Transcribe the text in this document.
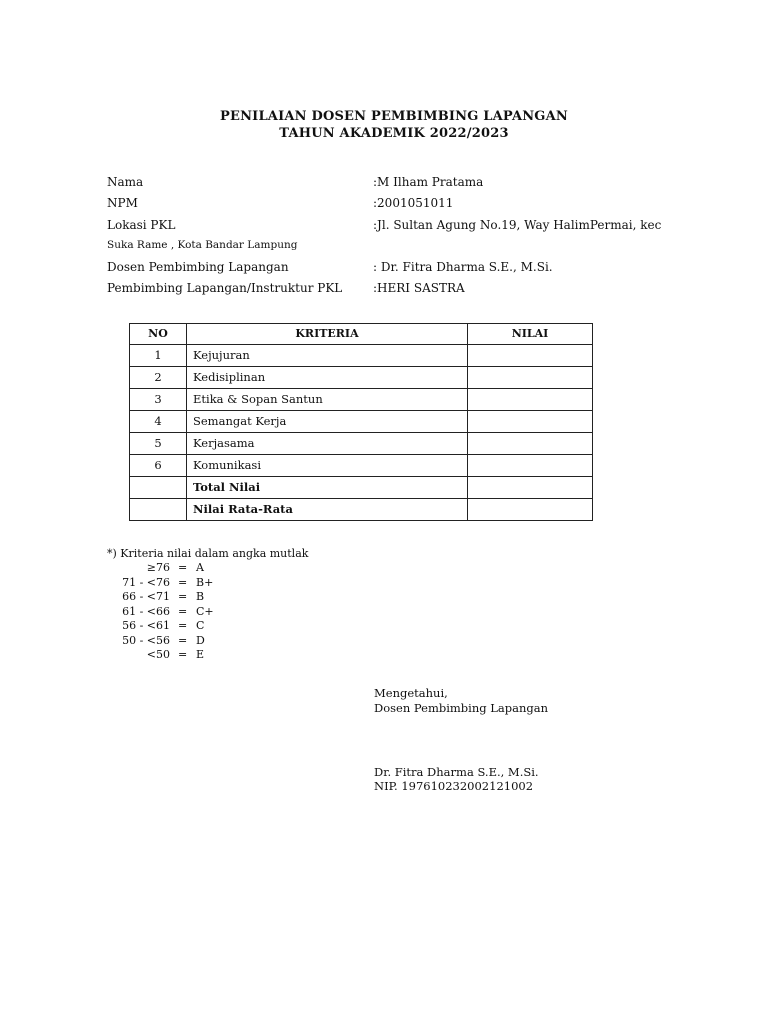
PENILAIAN DOSEN PEMBIMBING LAPANGAN
TAHUN AKADEMIK 2022/2023
Nama	:M Ilham Pratama
NPM	:2001051011
Lokasi PKL	:Jl. Sultan Agung No.19, Way HalimPermai, kec
Suka Rame , Kota Bandar Lampung
Dosen Pembimbing Lapangan	: Dr. Fitra Dharma S.E., M.Si.
Pembimbing Lapangan/Instruktur PKL	:HERI SASTRA
NO	KRITERIA	NILAI
1	Kejujuran	
2	Kedisiplinan	
3	Etika & Sopan Santun	
4	Semangat Kerja	
5	Kerjasama	
6	Komunikasi	
	Total Nilai	
	Nilai Rata-Rata	
*) Kriteria nilai dalam angka mutlak
≥76 = A
71 - <76 = B+
66 - <71 = B
61 - <66 = C+
56 - <61 = C
50 - <56 = D
<50 = E
Mengetahui,
Dosen Pembimbing Lapangan
Dr. Fitra Dharma S.E., M.Si.
NIP. 197610232002121002
